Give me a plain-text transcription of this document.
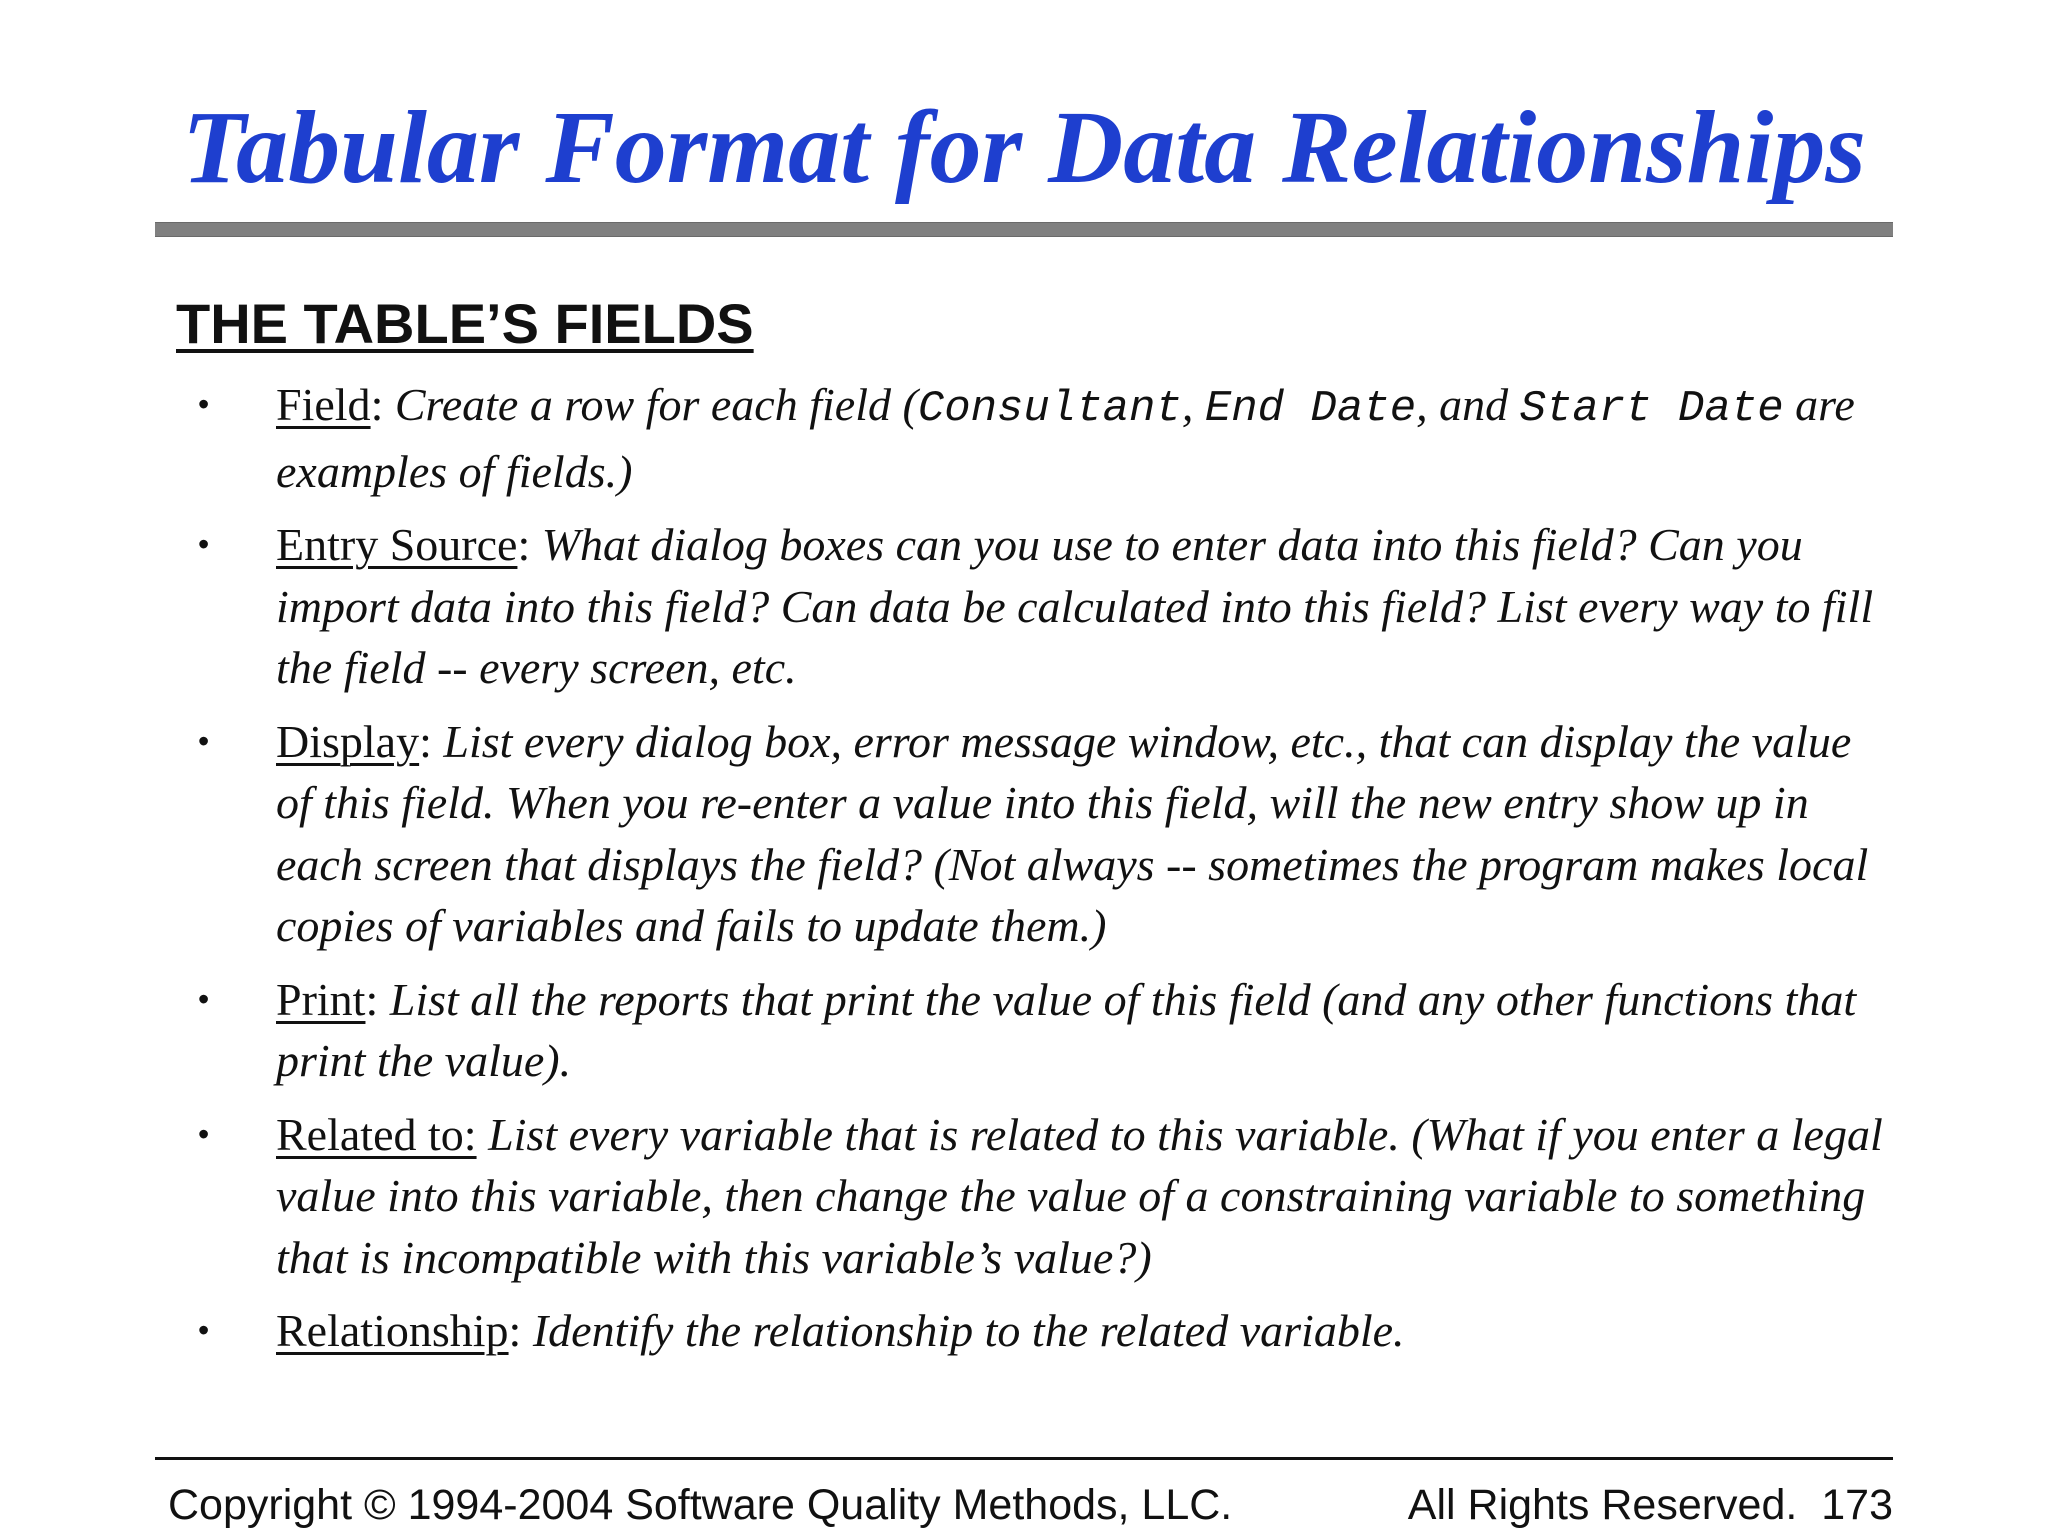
Tabular Format for Data Relationships
THE TABLE’S FIELDS
• Field: Create a row for each field (Consultant, End Date, and Start Date are examples of fields.)
• Entry Source: What dialog boxes can you use to enter data into this field? Can you import data into this field? Can data be calculated into this field? List every way to fill the field -- every screen, etc.
• Display: List every dialog box, error message window, etc., that can display the value of this field. When you re-enter a value into this field, will the new entry show up in each screen that displays the field? (Not always -- sometimes the program makes local copies of variables and fails to update them.)
• Print: List all the reports that print the value of this field (and any other functions that print the value).
• Related to: List every variable that is related to this variable. (What if you enter a legal value into this variable, then change the value of a constraining variable to something that is incompatible with this variable’s value?)
• Relationship: Identify the relationship to the related variable.
Copyright © 1994-2004 Software Quality Methods, LLC.	All Rights Reserved. 173
